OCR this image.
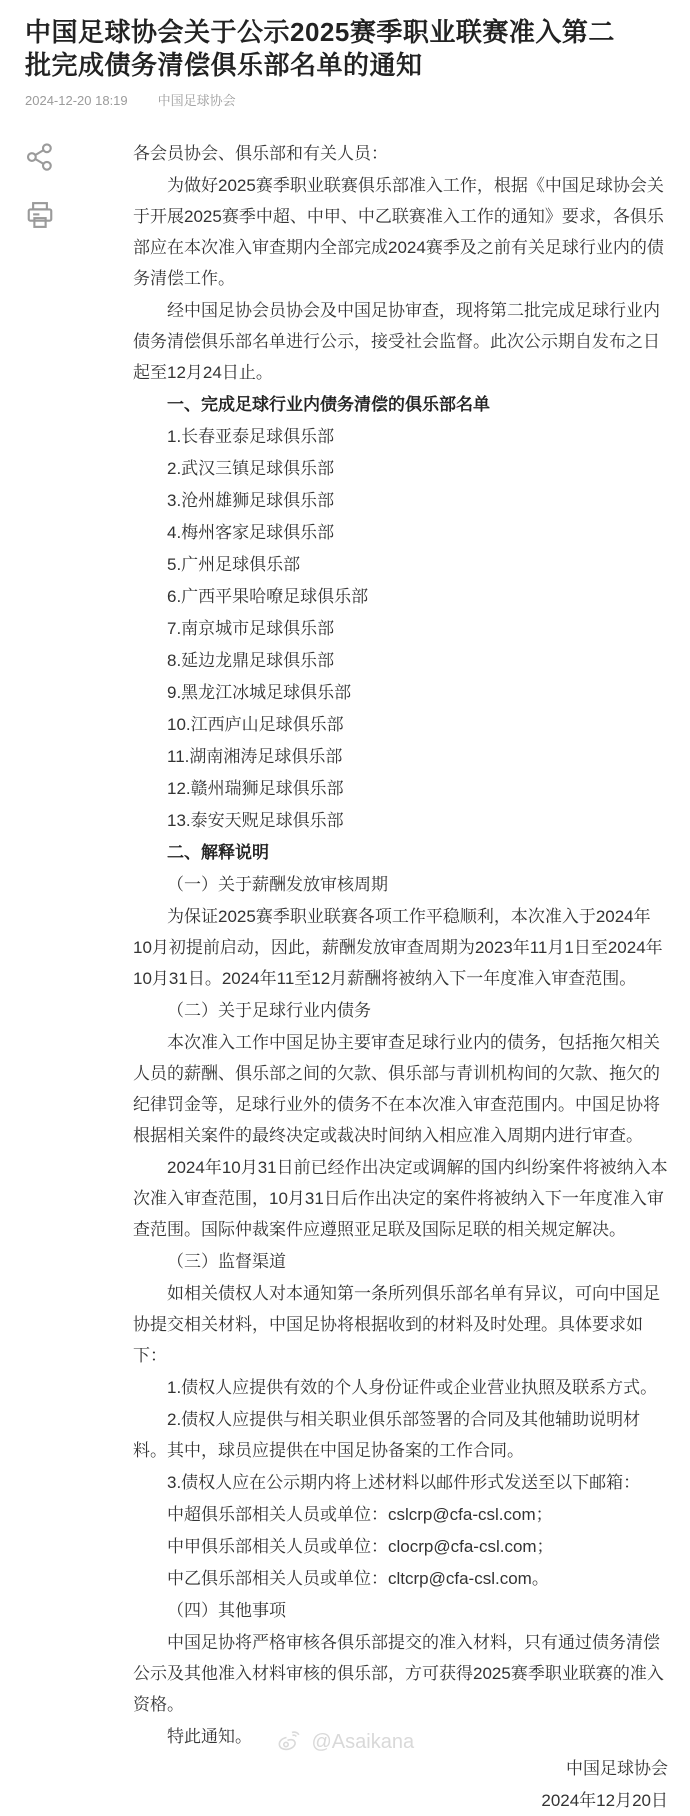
中国足球协会关于公示2025赛季职业联赛准入第二批完成债务清偿俱乐部名单的通知
2024-12-20 18:19 中国足球协会

各会员协会、俱乐部和有关人员：

为做好2025赛季职业联赛俱乐部准入工作，根据《中国足球协会关于开展2025赛季中超、中甲、中乙联赛准入工作的通知》要求，各俱乐部应在本次准入审查期内全部完成2024赛季及之前有关足球行业内的债务清偿工作。

经中国足协会员协会及中国足协审查，现将第二批完成足球行业内债务清偿俱乐部名单进行公示，接受社会监督。此次公示期自发布之日起至12月24日止。

一、完成足球行业内债务清偿的俱乐部名单

1.长春亚泰足球俱乐部

2.武汉三镇足球俱乐部

3.沧州雄狮足球俱乐部

4.梅州客家足球俱乐部

5.广州足球俱乐部

6.广西平果哈嘹足球俱乐部

7.南京城市足球俱乐部

8.延边龙鼎足球俱乐部

9.黑龙江冰城足球俱乐部

10.江西庐山足球俱乐部

11.湖南湘涛足球俱乐部

12.赣州瑞狮足球俱乐部

13.泰安天贶足球俱乐部

二、解释说明

（一）关于薪酬发放审核周期

为保证2025赛季职业联赛各项工作平稳顺利，本次准入于2024年10月初提前启动，因此，薪酬发放审查周期为2023年11月1日至2024年10月31日。2024年11至12月薪酬将被纳入下一年度准入审查范围。

（二）关于足球行业内债务

本次准入工作中国足协主要审查足球行业内的债务，包括拖欠相关人员的薪酬、俱乐部之间的欠款、俱乐部与青训机构间的欠款、拖欠的纪律罚金等，足球行业外的债务不在本次准入审查范围内。中国足协将根据相关案件的最终决定或裁决时间纳入相应准入周期内进行审查。

2024年10月31日前已经作出决定或调解的国内纠纷案件将被纳入本次准入审查范围，10月31日后作出决定的案件将被纳入下一年度准入审查范围。国际仲裁案件应遵照亚足联及国际足联的相关规定解决。

（三）监督渠道

如相关债权人对本通知第一条所列俱乐部名单有异议，可向中国足协提交相关材料，中国足协将根据收到的材料及时处理。具体要求如下：

1.债权人应提供有效的个人身份证件或企业营业执照及联系方式。

2.债权人应提供与相关职业俱乐部签署的合同及其他辅助说明材料。其中，球员应提供在中国足协备案的工作合同。

3.债权人应在公示期内将上述材料以邮件形式发送至以下邮箱：

中超俱乐部相关人员或单位：cslcrp@cfa-csl.com；

中甲俱乐部相关人员或单位：clocrp@cfa-csl.com；

中乙俱乐部相关人员或单位：cltcrp@cfa-csl.com。

（四）其他事项

中国足协将严格审核各俱乐部提交的准入材料，只有通过债务清偿公示及其他准入材料审核的俱乐部，方可获得2025赛季职业联赛的准入资格。

特此通知。

中国足球协会

2024年12月20日

@Asaikana
